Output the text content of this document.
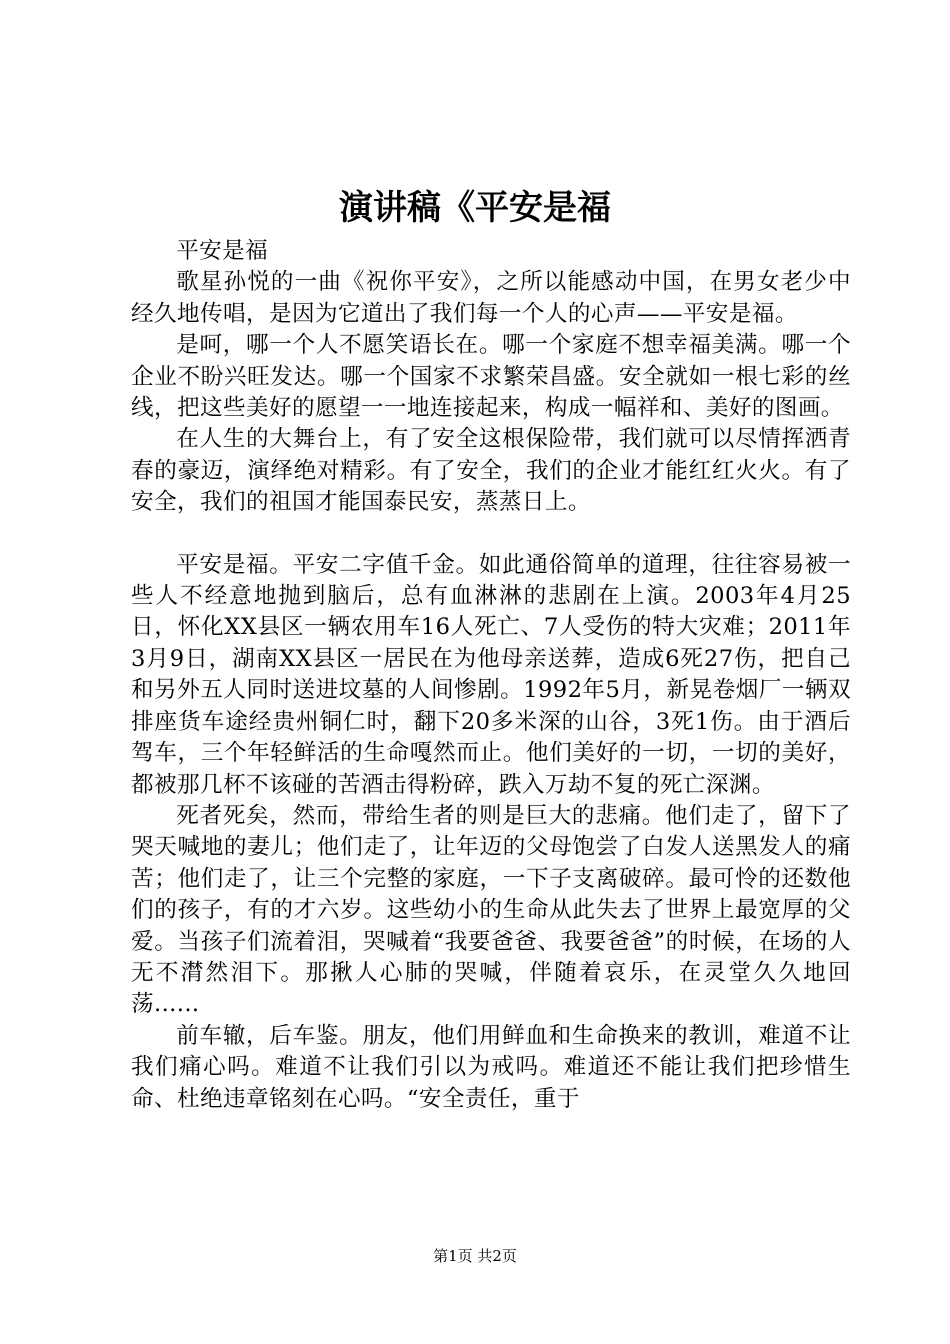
演讲稿《平安是福

平安是福

歌星孙悦的一曲《祝你平安》，之所以能感动中国，在男女老少中经久地传唱，是因为它道出了我们每一个人的心声——平安是福。

是呵，哪一个人不愿笑语长在。哪一个家庭不想幸福美满。哪一个企业不盼兴旺发达。哪一个国家不求繁荣昌盛。安全就如一根七彩的丝线，把这些美好的愿望一一地连接起来，构成一幅祥和、美好的图画。

在人生的大舞台上，有了安全这根保险带，我们就可以尽情挥洒青春的豪迈，演绎绝对精彩。有了安全，我们的企业才能红红火火。有了安全，我们的祖国才能国泰民安，蒸蒸日上。

平安是福。平安二字值千金。如此通俗简单的道理，往往容易被一些人不经意地抛到脑后，总有血淋淋的悲剧在上演。2003年4月25日，怀化XX县区一辆农用车16人死亡、7人受伤的特大灾难；2011年3月9日，湖南XX县区一居民在为他母亲送葬，造成6死27伤，把自己和另外五人同时送进坟墓的人间惨剧。1992年5月，新晃卷烟厂一辆双排座货车途经贵州铜仁时，翻下20多米深的山谷，3死1伤。由于酒后驾车，三个年轻鲜活的生命嘎然而止。他们美好的一切，一切的美好，都被那几杯不该碰的苦酒击得粉碎，跌入万劫不复的死亡深渊。

死者死矣，然而，带给生者的则是巨大的悲痛。他们走了，留下了哭天喊地的妻儿；他们走了，让年迈的父母饱尝了白发人送黑发人的痛苦；他们走了，让三个完整的家庭，一下子支离破碎。最可怜的还数他们的孩子，有的才六岁。这些幼小的生命从此失去了世界上最宽厚的父爱。当孩子们流着泪，哭喊着“我要爸爸、我要爸爸”的时候，在场的人无不潸然泪下。那揪人心肺的哭喊，伴随着哀乐，在灵堂久久地回荡......

前车辙，后车鉴。朋友，他们用鲜血和生命换来的教训，难道不让我们痛心吗。难道不让我们引以为戒吗。难道还不能让我们把珍惜生命、杜绝违章铭刻在心吗。“安全责任，重于

第1页 共2页
